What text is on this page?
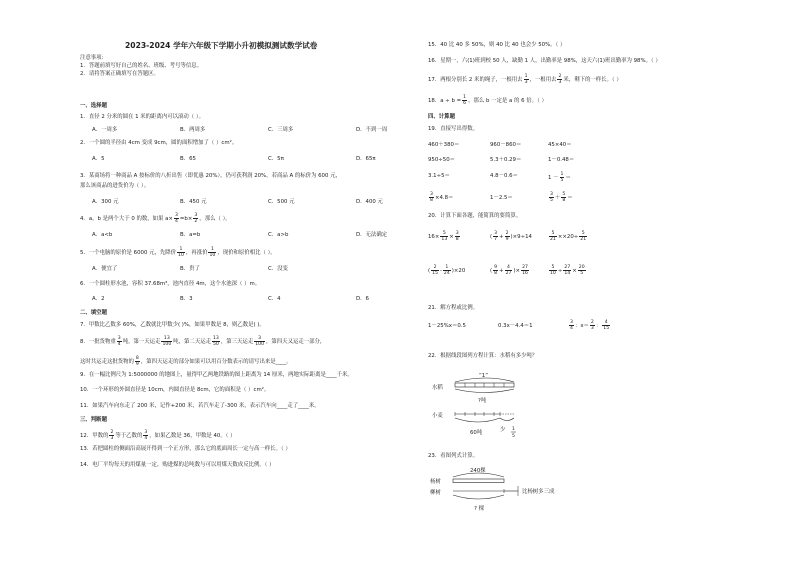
2023-2024 学年六年级下学期小升初模拟测试数学试卷
注意事项:
1．答题前填写好自己的姓名、班级、考号等信息。
2．请将答案正确填写在答题区。
一、选择题
1．直径 2 分米的圆在 1 米的距离内可以滚动（ ）。
A．一周多	B．两周多	C．三周多	D．不到一周
2．一个圆的半径由 4cm 变成 9cm，圆的面积增加了（ ）cm²。
A．5	B．65	C．5π	D．65π
3．某商场将一种商品 A 按标价的八折出售（即优惠 20%），仍可获利润 20%，若商品 A 的标价为 600 元，
那么该商品的进货价为（ ）。
A．300 元	B．450 元	C．500 元	D．400 元
4．a，b 是两个大于 0 的数，如果 $a\times \frac{3}{4} =b\times \frac{3}{2}$ ，那么（ ）。
A．a<b	B．a=b	C．a>b	D．无法确定
5．一个电脑的原价是 6000 元，先降价 $\frac{1}{10}$ ，再涨价 $\frac{1}{10}$ ，现价和原价相比（ ）。
A．便宜了	B．贵了	C．没变
6．一个圆柱形水池，容积 37.68m³，池内直径 4m，这个水池深（ ）m。
A．2	B．3	C．4	D．6
二、填空题
7．甲数比乙数多 60%，乙数就比甲数少( )%，如果甲数是 8，则乙数是( )。
8．一批货物重 $\frac{3}{4}$ 吨，第一天运走 $\frac{13}{100}$ 吨，第二天运走 $\frac{13}{50}$ ，第三天运走 $\frac{3}{100}$ ，第四天又运走一部分，
这时共运走这批货物的 $\frac{8}{9}$ ，第四天运走的部分如果可以用百分数表示的请写出来是____。
9．在一幅比例尺为 1:5000000 的地图上，量得甲乙两地铁路的图上距离为 14 厘米，两地实际距离是____千米。
10．一个环形的外圆直径是 10cm，内圆直径是 8cm，它的面积是（ ）cm²。
11．如果汽车向东走了 200 米，记作+200 米，若汽车走了-300 米，表示汽车向____走了____米。
三、判断题
12．甲数的 $\frac{2}{3}$ 等于乙数的 $\frac{3}{4}$ ，如果乙数是 36，甲数是 40。（ ）
13．若把圆柱的侧面沿高展开得到一个正方形，那么它的底面周长一定与高一样长。（ ）
14．电厂平均每天的用煤量一定，购进煤的总吨数与可以用煤天数成反比例。（ ）
15．40 比 40 多 50%，则 40 比 40 也会少 50%。（ ）
16．星期一，六(1)班到校 50 人，缺勤 1 人，出勤率是 98%，这天六(1)班出勤率为 98%。（ ）
17．两根分别长 2 米的绳子，一根用去 $\frac{1}{3}$ ，一根用去 $\frac{2}{3}$ 米，剩下的一样长。（ ）
18．$a \div b = \frac{1}{6}$ ，那么 b 一定是 a 的 6 倍。（ ）
四、计算题
19．直接写出得数。
460＋380＝	960－860＝	45×40＝
950÷50＝	5.3＋0.29＝	1－0.48＝
3.1÷5＝	4.8－0.6＝	$1 - \frac{1}{5}$ ＝
$\frac{3}{8} \times 4.8=$	1－2.5＝	$\frac{3}{5} + \frac{5}{8}$ ＝
20．计算下面各题，能简算的要简算。
$16\times \frac{5}{13} \times \frac{3}{8}$	( $\frac{3}{7} + \frac{2}{9} )\times 9\div 14$	$\frac{5}{21} \times\times 20\div \frac{5}{21}$
( $\frac{2}{15} - \frac{1}{24} )\times 20$	( $\frac{9}{8} + \frac{4}{27}$ )× $\frac{27}{16}$	$\frac{5}{10} \div \frac{27}{14} \times \frac{20}{5}$
21．解方程或比例。
1－25%x＝0.5	0.3x－4.4＝1	$\frac{3}{4}$ ：$x= \frac{2}{3}$ ： $\frac{4}{15}$
22．根据线段图列方程计算：水稻有多少吨？
水稻
小麦
“1”
?吨
60吨	少 1
5
23．看图列式计算。
240棵
杨树
柳树	比杨树多三成
? 棵
